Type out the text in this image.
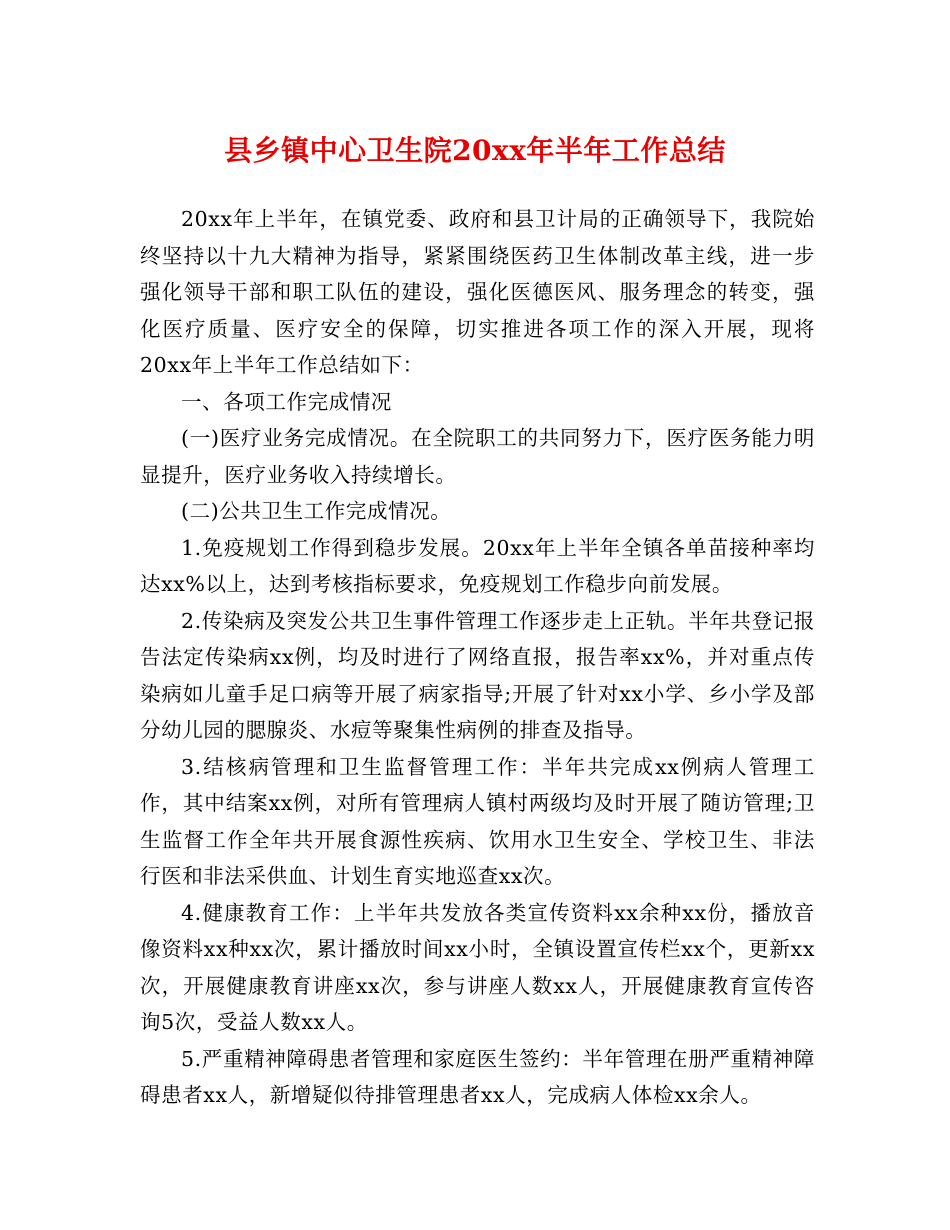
县乡镇中心卫生院20xx年半年工作总结

20xx年上半年，在镇党委、政府和县卫计局的正确领导下，我院始终坚持以十九大精神为指导，紧紧围绕医药卫生体制改革主线，进一步强化领导干部和职工队伍的建设，强化医德医风、服务理念的转变，强化医疗质量、医疗安全的保障，切实推进各项工作的深入开展，现将20xx年上半年工作总结如下：

一、各项工作完成情况

(一)医疗业务完成情况。在全院职工的共同努力下，医疗医务能力明显提升，医疗业务收入持续增长。

(二)公共卫生工作完成情况。

1.免疫规划工作得到稳步发展。20xx年上半年全镇各单苗接种率均达xx%以上，达到考核指标要求，免疫规划工作稳步向前发展。

2.传染病及突发公共卫生事件管理工作逐步走上正轨。半年共登记报告法定传染病xx例，均及时进行了网络直报，报告率xx%，并对重点传染病如儿童手足口病等开展了病家指导;开展了针对xx小学、乡小学及部分幼儿园的腮腺炎、水痘等聚集性病例的排查及指导。

3.结核病管理和卫生监督管理工作：半年共完成xx例病人管理工作，其中结案xx例，对所有管理病人镇村两级均及时开展了随访管理;卫生监督工作全年共开展食源性疾病、饮用水卫生安全、学校卫生、非法行医和非法采供血、计划生育实地巡查xx次。

4.健康教育工作：上半年共发放各类宣传资料xx余种xx份，播放音像资料xx种xx次，累计播放时间xx小时，全镇设置宣传栏xx个，更新xx次，开展健康教育讲座xx次，参与讲座人数xx人，开展健康教育宣传咨询5次，受益人数xx人。

5.严重精神障碍患者管理和家庭医生签约：半年管理在册严重精神障碍患者xx人，新增疑似待排管理患者xx人，完成病人体检xx余人。
